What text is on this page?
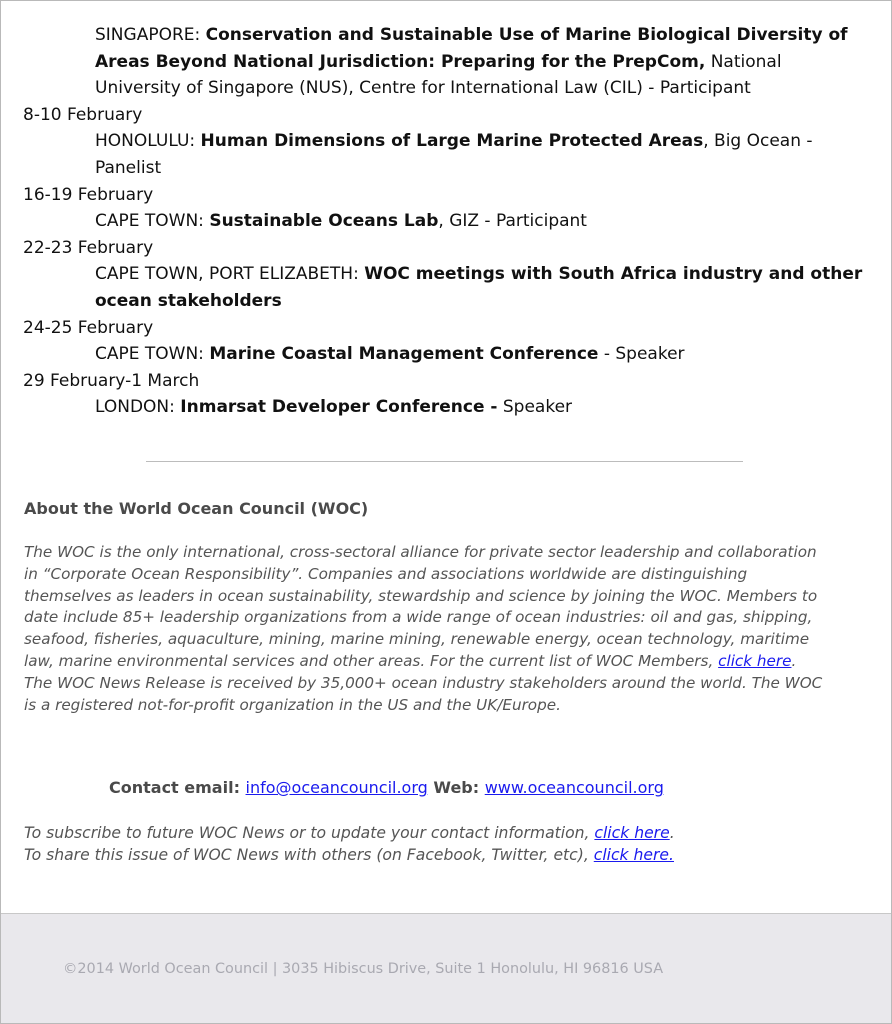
SINGAPORE: Conservation and Sustainable Use of Marine Biological Diversity of Areas Beyond National Jurisdiction: Preparing for the PrepCom, National University of Singapore (NUS), Centre for International Law (CIL) - Participant

8-10 February

HONOLULU: Human Dimensions of Large Marine Protected Areas, Big Ocean - Panelist

16-19 February

CAPE TOWN: Sustainable Oceans Lab, GIZ - Participant

22-23 February

CAPE TOWN, PORT ELIZABETH: WOC meetings with South Africa industry and other ocean stakeholders

24-25 February

CAPE TOWN: Marine Coastal Management Conference - Speaker

29 February-1 March

LONDON: Inmarsat Developer Conference - Speaker

About the World Ocean Council (WOC)

The WOC is the only international, cross-sectoral alliance for private sector leadership and collaboration in “Corporate Ocean Responsibility”. Companies and associations worldwide are distinguishing themselves as leaders in ocean sustainability, stewardship and science by joining the WOC. Members to date include 85+ leadership organizations from a wide range of ocean industries: oil and gas, shipping, seafood, fisheries, aquaculture, mining, marine mining, renewable energy, ocean technology, maritime law, marine environmental services and other areas. For the current list of WOC Members, click here. The WOC News Release is received by 35,000+ ocean industry stakeholders around the world. The WOC is a registered not-for-profit organization in the US and the UK/Europe.

Contact email: info@oceancouncil.org Web: www.oceancouncil.org

To subscribe to future WOC News or to update your contact information, click here.
To share this issue of WOC News with others (on Facebook, Twitter, etc), click here.

©2014 World Ocean Council | 3035 Hibiscus Drive, Suite 1 Honolulu, HI 96816 USA
